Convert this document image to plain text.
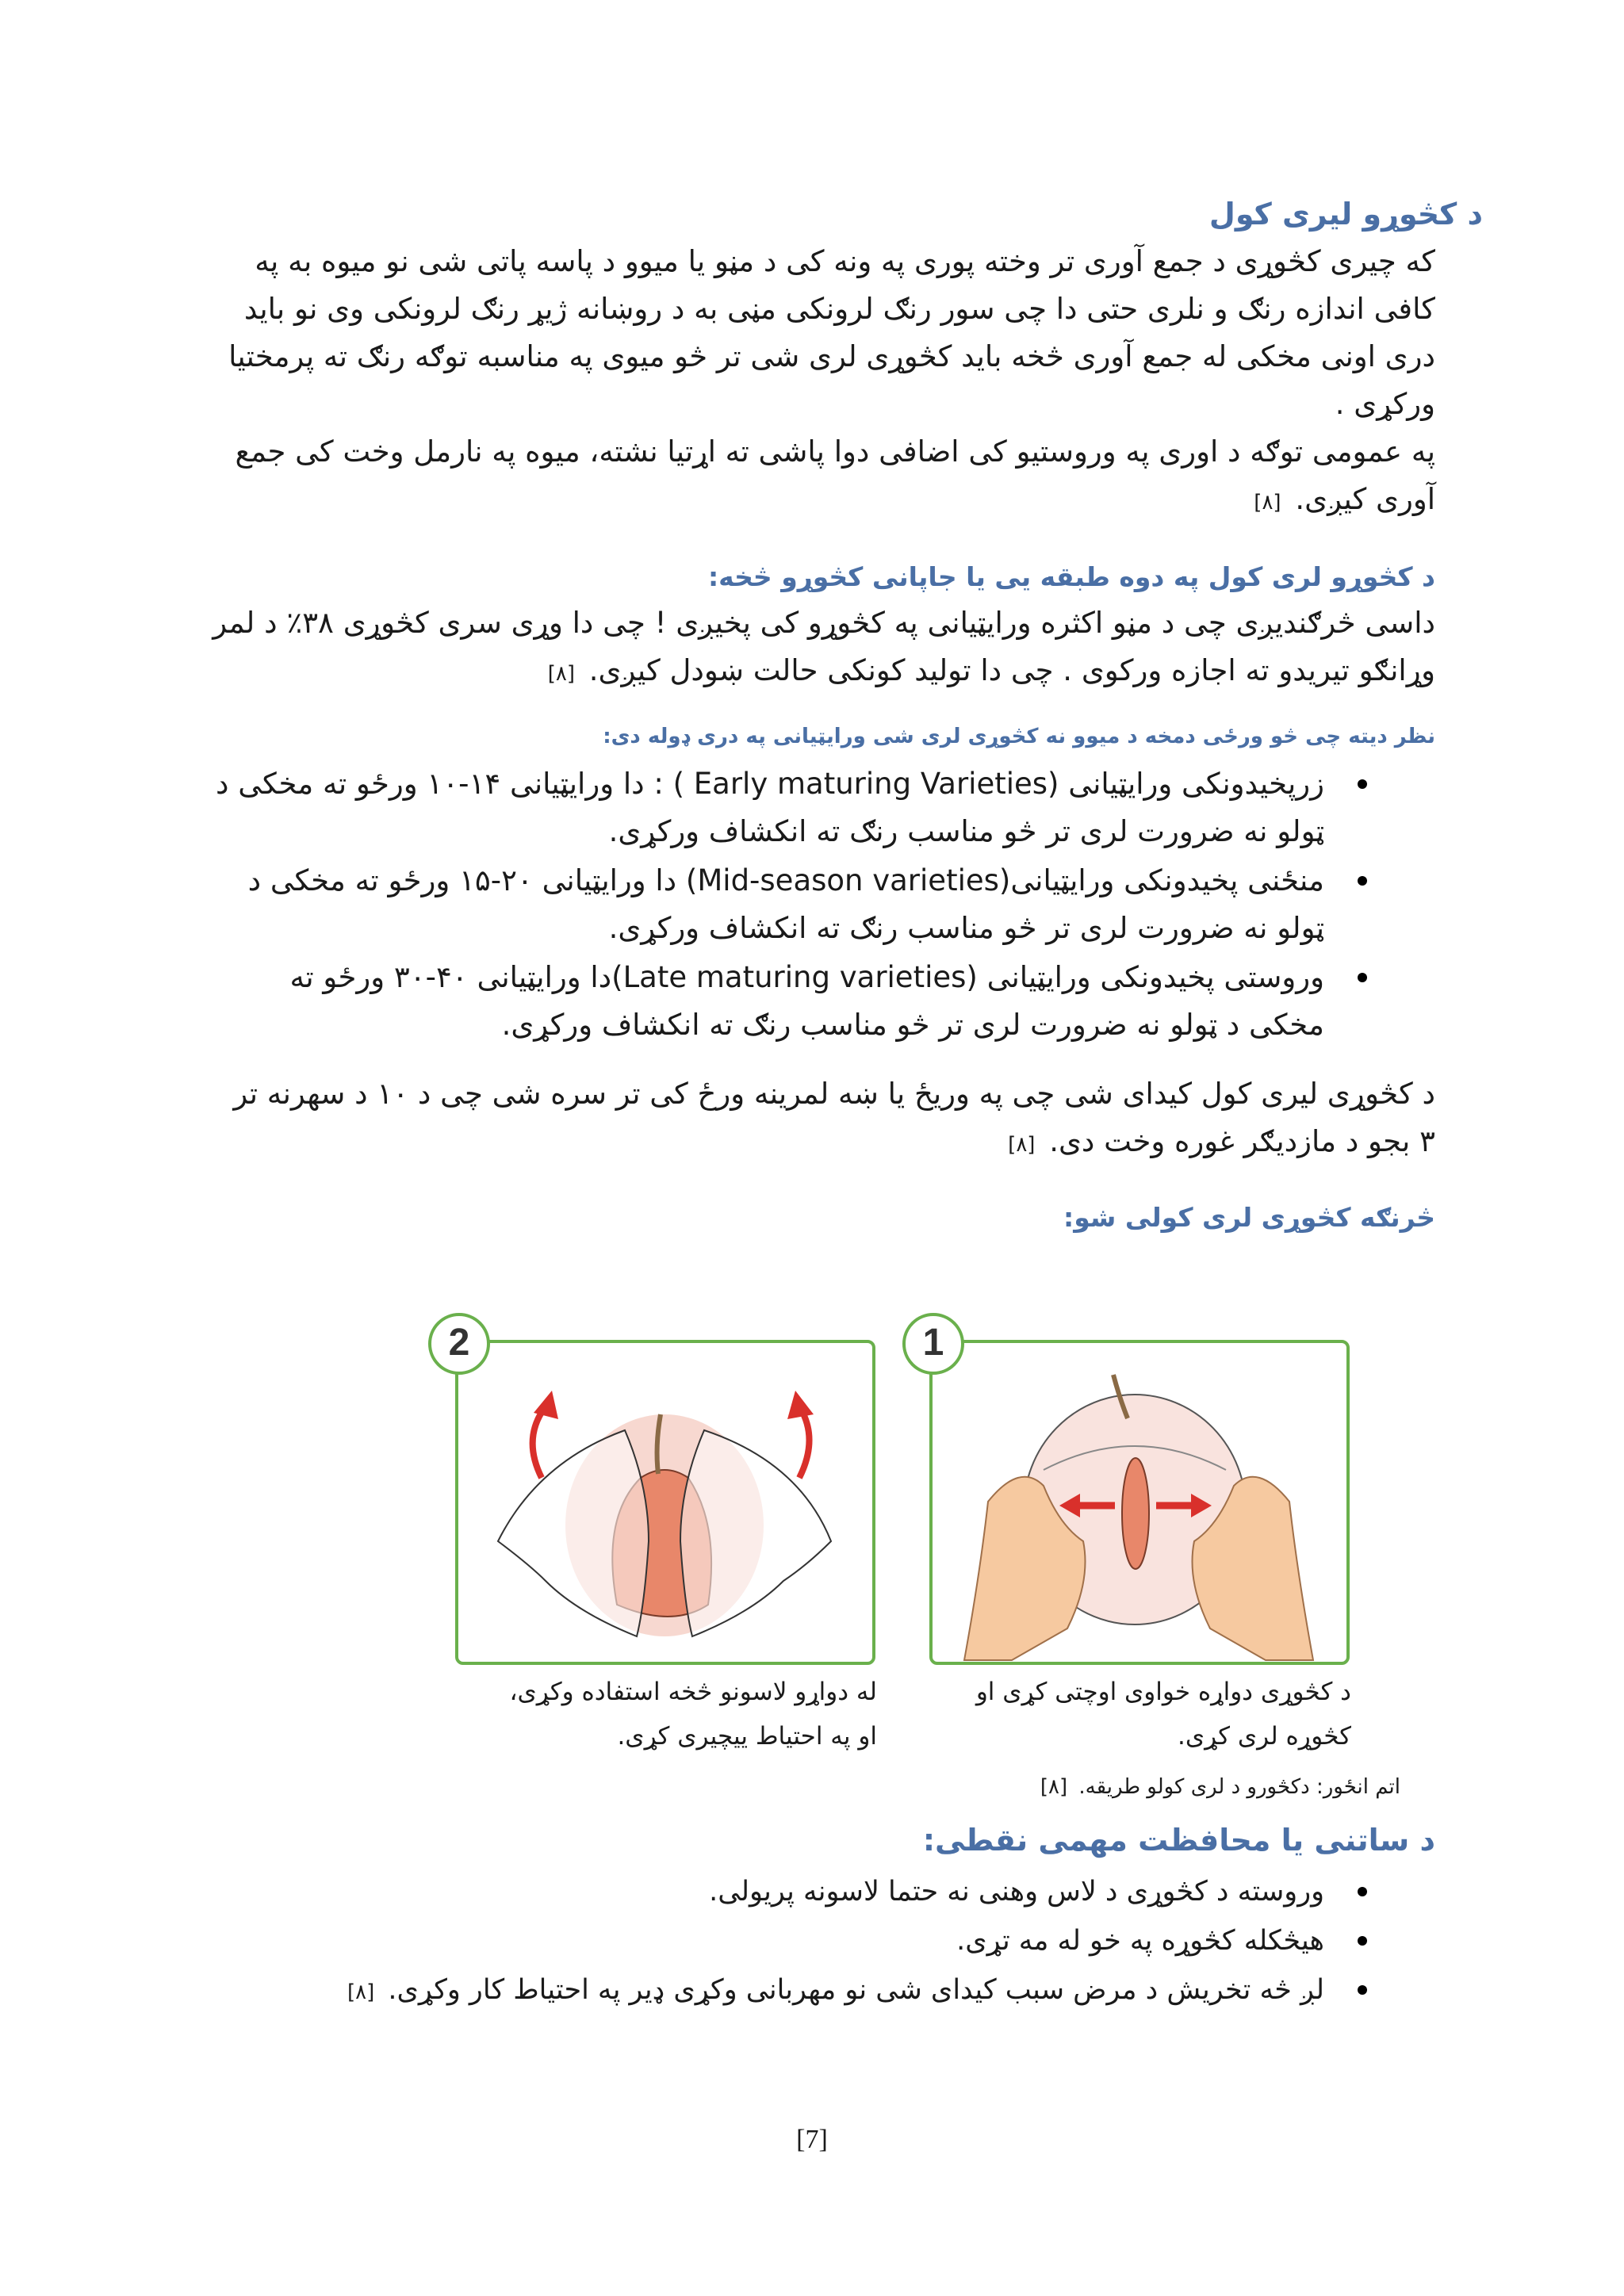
د کڅوړو لیری کول

که چیری کڅوړی د جمع آوری تر وخته پوری په ونه کی د مڼو یا میوو د پاسه پاتی شی نو میوه به په کافی اندازه رنګ و نلری حتی دا چی سور رنګ لرونکی مڼی به د روښانه ژیړ رنګ لرونکی وی نو باید دری اونی مخکی له جمع آوری څخه باید کڅوړی لری شی تر څو میوی په مناسبه توګه رنګ ته پرمختیا ورکړی .

په عمومی توګه د اوری په وروستیو کی اضافی دوا پاشی ته اړتیا نشته، میوه په نارمل وخت کی جمع آوری کیږی. [۸]

د کڅوړو لری کول په دوه طبقه یی یا جاپانی کڅوړو څخه:

داسی څرګندیږی چی د مڼو اکثره ورایټیانی په کڅوړو کی پخیږی ! چی دا وړی سری کڅوړی ۳۸٪ د لمر وړانګو تیریدو ته اجازه ورکوی . چی دا تولید کونکی حالت ښودل کیږی. [۸]

نظر دیته چی څو ورځی دمخه د میوو نه کڅوړی لری شی ورایټیانی په دری ډوله دی:
زرپخیدونکی ورایټیانی (Early maturing Varieties ) : دا ورایټیانی ۱۴-۱۰ ورځو ته مخکی د ټولو نه ضرورت لری تر څو مناسب رنګ ته انکشاف ورکړی.
منځنی پخیدونکی ورایټیانی(Mid-season varieties) دا ورایټیانی ۲۰-۱۵ ورځو ته مخکی د ټولو نه ضرورت لری تر څو مناسب رنګ ته انکشاف ورکړی.
وروستی پخیدونکی ورایټیانی (Late maturing varieties)دا ورایټیانی ۴۰-۳۰ ورځو ته مخکی د ټولو نه ضرورت لری تر څو مناسب رنګ ته انکشاف ورکړی.

د کڅوړی لیری کول کیدای شی چی په وریځ یا ښه لمرینه ورځ کی تر سره شی چی د ۱۰ د سهرنه تر ۳ بجو د مازدیګر غوره وخت دی. [۸]

څرنګه کڅوړی لری کولی شو:
2
له دواړو لاسونو څخه استفاده وکړی،
او په احتیاط ییچیری کړی.
1
د کڅوړی دواړه خواوی اوچتی کړی او
کڅوړه لری کړی.
اتم انځور: دکڅورو د لری کولو طریقه. [۸]
د ساتنی یا محافظت مهمی نقطی:
وروسته د کڅوړی د لاس وهنی نه حتما لاسونه پریولی.
هیڅکله کڅوړه په خو له مه تړی.
لږ څه تخریش د مرض سبب کیدای شی نو مهربانی وکړی ډیر په احتیاط کار وکړی. [۸]
[7]
